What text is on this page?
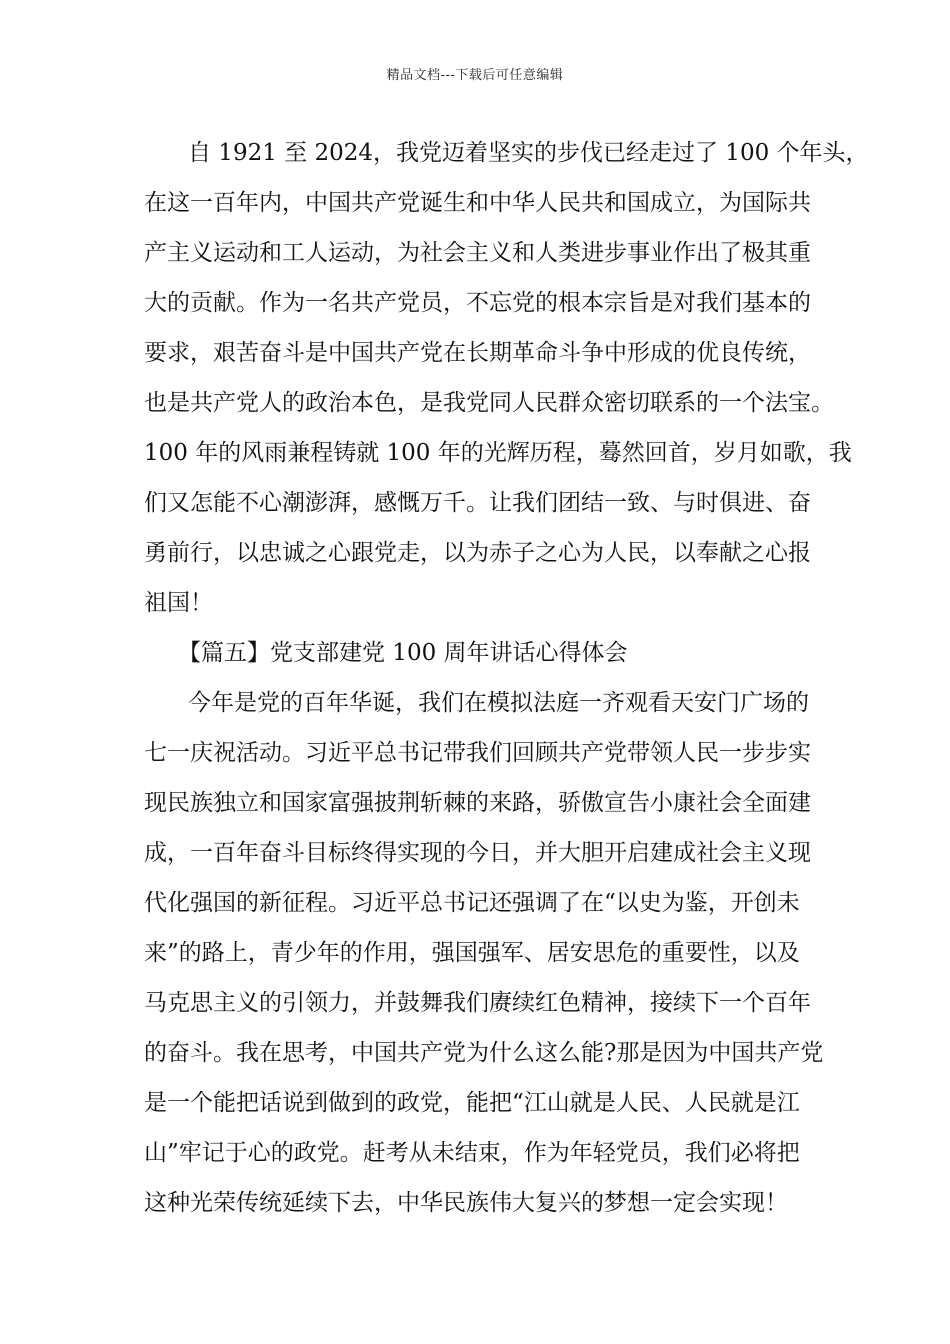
精品文档---下载后可任意编辑
自 1921 至 2024，我党迈着坚实的步伐已经走过了 100 个年头，
在这一百年内，中国共产党诞生和中华人民共和国成立，为国际共
产主义运动和工人运动，为社会主义和人类进步事业作出了极其重
大的贡献。作为一名共产党员，不忘党的根本宗旨是对我们基本的
要求，艰苦奋斗是中国共产党在长期革命斗争中形成的优良传统，
也是共产党人的政治本色，是我党同人民群众密切联系的一个法宝。
100 年的风雨兼程铸就 100 年的光辉历程，蓦然回首，岁月如歌，我
们又怎能不心潮澎湃，感慨万千。让我们团结一致、与时俱进、奋
勇前行，以忠诚之心跟党走，以为赤子之心为人民，以奉献之心报
祖国！
【篇五】党支部建党 100 周年讲话心得体会
今年是党的百年华诞，我们在模拟法庭一齐观看天安门广场的
七一庆祝活动。习近平总书记带我们回顾共产党带领人民一步步实
现民族独立和国家富强披荆斩棘的来路，骄傲宣告小康社会全面建
成，一百年奋斗目标终得实现的今日，并大胆开启建成社会主义现
代化强国的新征程。习近平总书记还强调了在“以史为鉴，开创未
来”的路上，青少年的作用，强国强军、居安思危的重要性，以及
马克思主义的引领力，并鼓舞我们赓续红色精神，接续下一个百年
的奋斗。我在思考，中国共产党为什么这么能?那是因为中国共产党
是一个能把话说到做到的政党，能把“江山就是人民、人民就是江
山”牢记于心的政党。赶考从未结束，作为年轻党员，我们必将把
这种光荣传统延续下去，中华民族伟大复兴的梦想一定会实现！
